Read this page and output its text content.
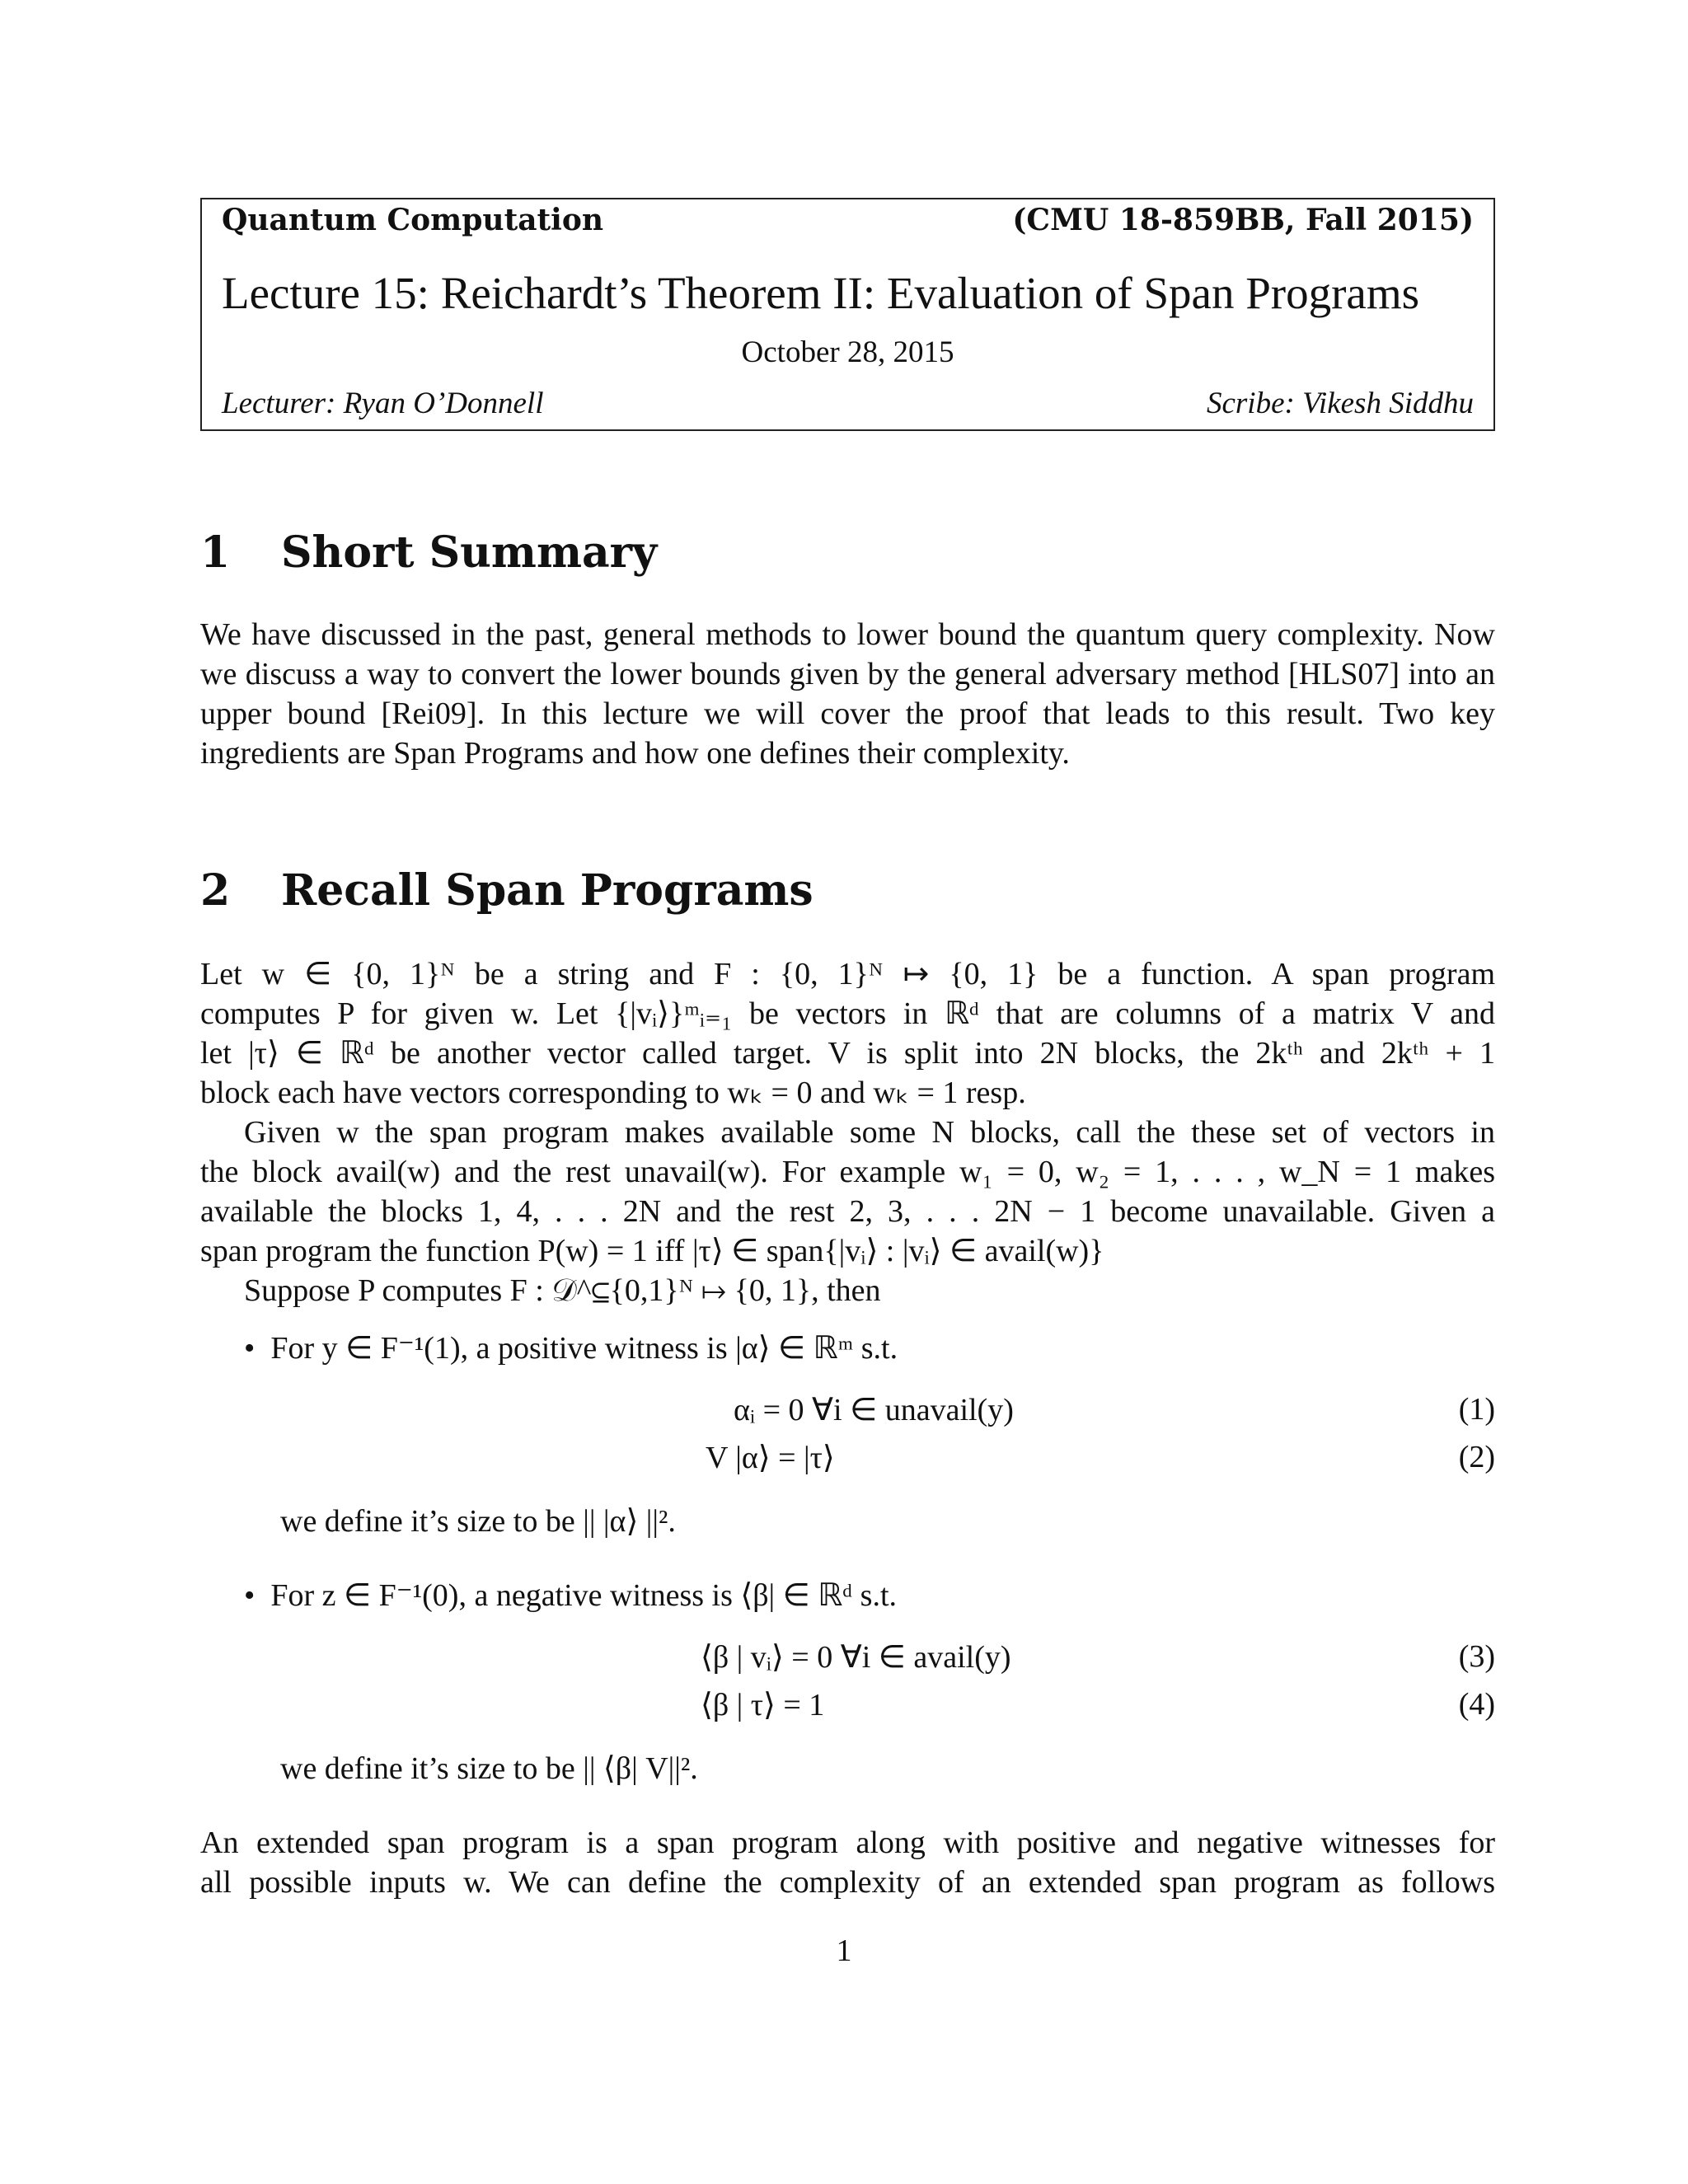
Quantum Computation	(CMU 18-859BB, Fall 2015)
Lecture 15: Reichardt’s Theorem II: Evaluation of Span Programs
October 28, 2015
Lecturer: Ryan O’Donnell	Scribe: Vikesh Siddhu
1 Short Summary
We have discussed in the past, general methods to lower bound the quantum query complexity. Now we discuss a way to convert the lower bounds given by the general adversary method [HLS07] into an upper bound [Rei09]. In this lecture we will cover the proof that leads to this result. Two key ingredients are Span Programs and how one defines their complexity.
2 Recall Span Programs
Let w ∈ {0, 1}ᴺ be a string and F : {0, 1}ᴺ ↦ {0, 1} be a function. A span program
computes P for given w. Let {|vᵢ⟩}ᵐᵢ₌₁ be vectors in ℝᵈ that are columns of a matrix V and
let |τ⟩ ∈ ℝᵈ be another vector called target. V is split into 2N blocks, the 2kᵗʰ and 2kᵗʰ + 1
block each have vectors corresponding to wₖ = 0 and wₖ = 1 resp.
Given w the span program makes available some N blocks, call the these set of vectors in
the block avail(w) and the rest unavail(w). For example w₁ = 0, w₂ = 1, . . . , w_N = 1 makes
available the blocks 1, 4, . . . 2N and the rest 2, 3, . . . 2N − 1 become unavailable. Given a
span program the function P(w) = 1 iff |τ⟩ ∈ span{|vᵢ⟩ : |vᵢ⟩ ∈ avail(w)}
Suppose P computes F : 𝒟^⊆{0,1}ᴺ ↦ {0, 1}, then
•  For y ∈ F⁻¹(1), a positive witness is |α⟩ ∈ ℝᵐ s.t.
αᵢ = 0 ∀i ∈ unavail(y)	(1)
V |α⟩ = |τ⟩	(2)
we define it’s size to be || |α⟩ ||².
•  For z ∈ F⁻¹(0), a negative witness is ⟨β| ∈ ℝᵈ s.t.
⟨β | vᵢ⟩ = 0 ∀i ∈ avail(y)	(3)
⟨β | τ⟩ = 1	(4)
we define it’s size to be || ⟨β| V||².
An extended span program is a span program along with positive and negative witnesses for
all possible inputs w. We can define the complexity of an extended span program as follows
1
